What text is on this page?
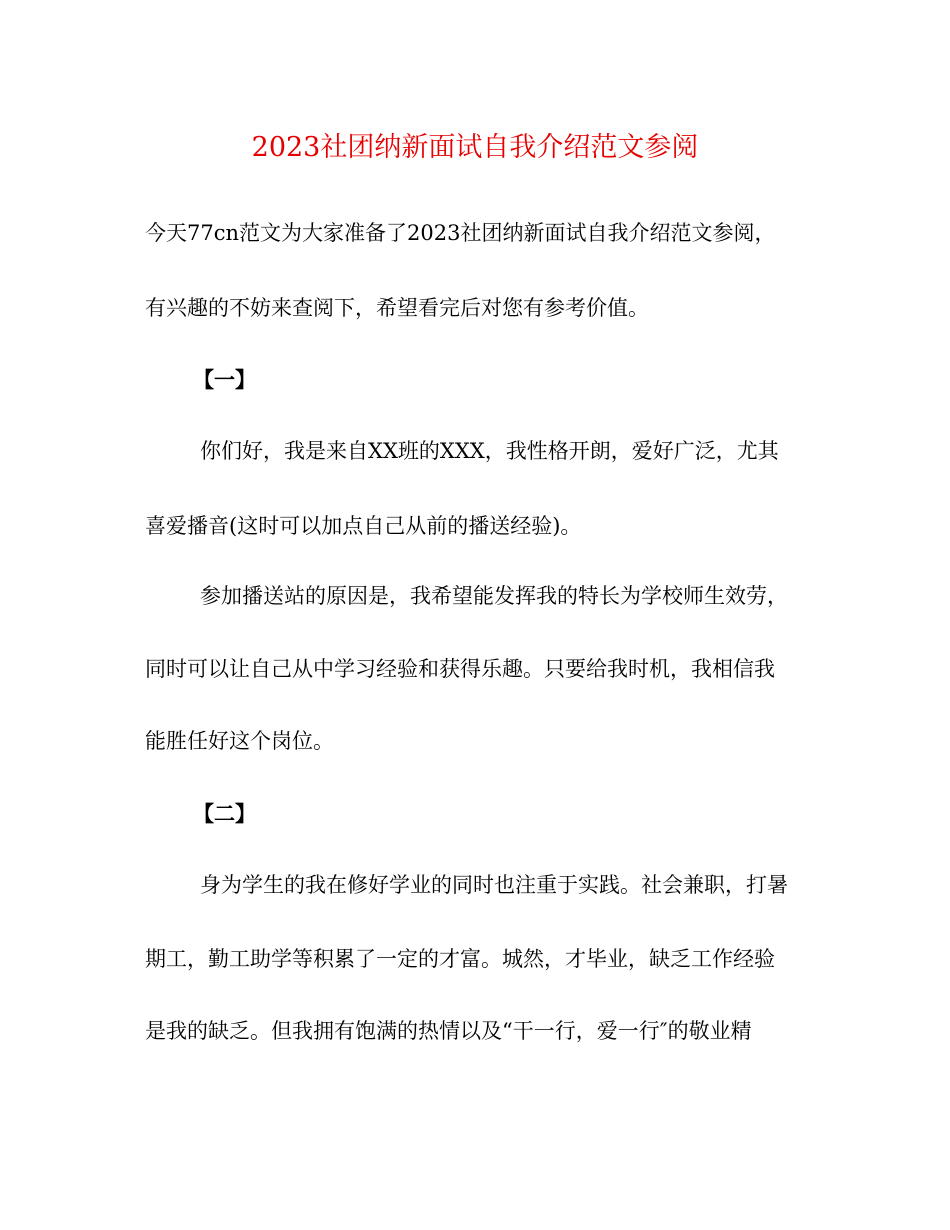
2023社团纳新面试自我介绍范文参阅
今天77cn范文为大家准备了2023社团纳新面试自我介绍范文参阅，
有兴趣的不妨来查阅下，希望看完后对您有参考价值。
【一】
你们好，我是来自XX班的XXX，我性格开朗，爱好广泛，尤其
喜爱播音(这时可以加点自己从前的播送经验)。
参加播送站的原因是，我希望能发挥我的特长为学校师生效劳，
同时可以让自己从中学习经验和获得乐趣。只要给我时机，我相信我
能胜任好这个岗位。
【二】
身为学生的我在修好学业的同时也注重于实践。社会兼职，打暑
期工，勤工助学等积累了一定的才富。城然，才毕业，缺乏工作经验
是我的缺乏。但我拥有饱满的热情以及“干一行，爱一行″的敬业精
